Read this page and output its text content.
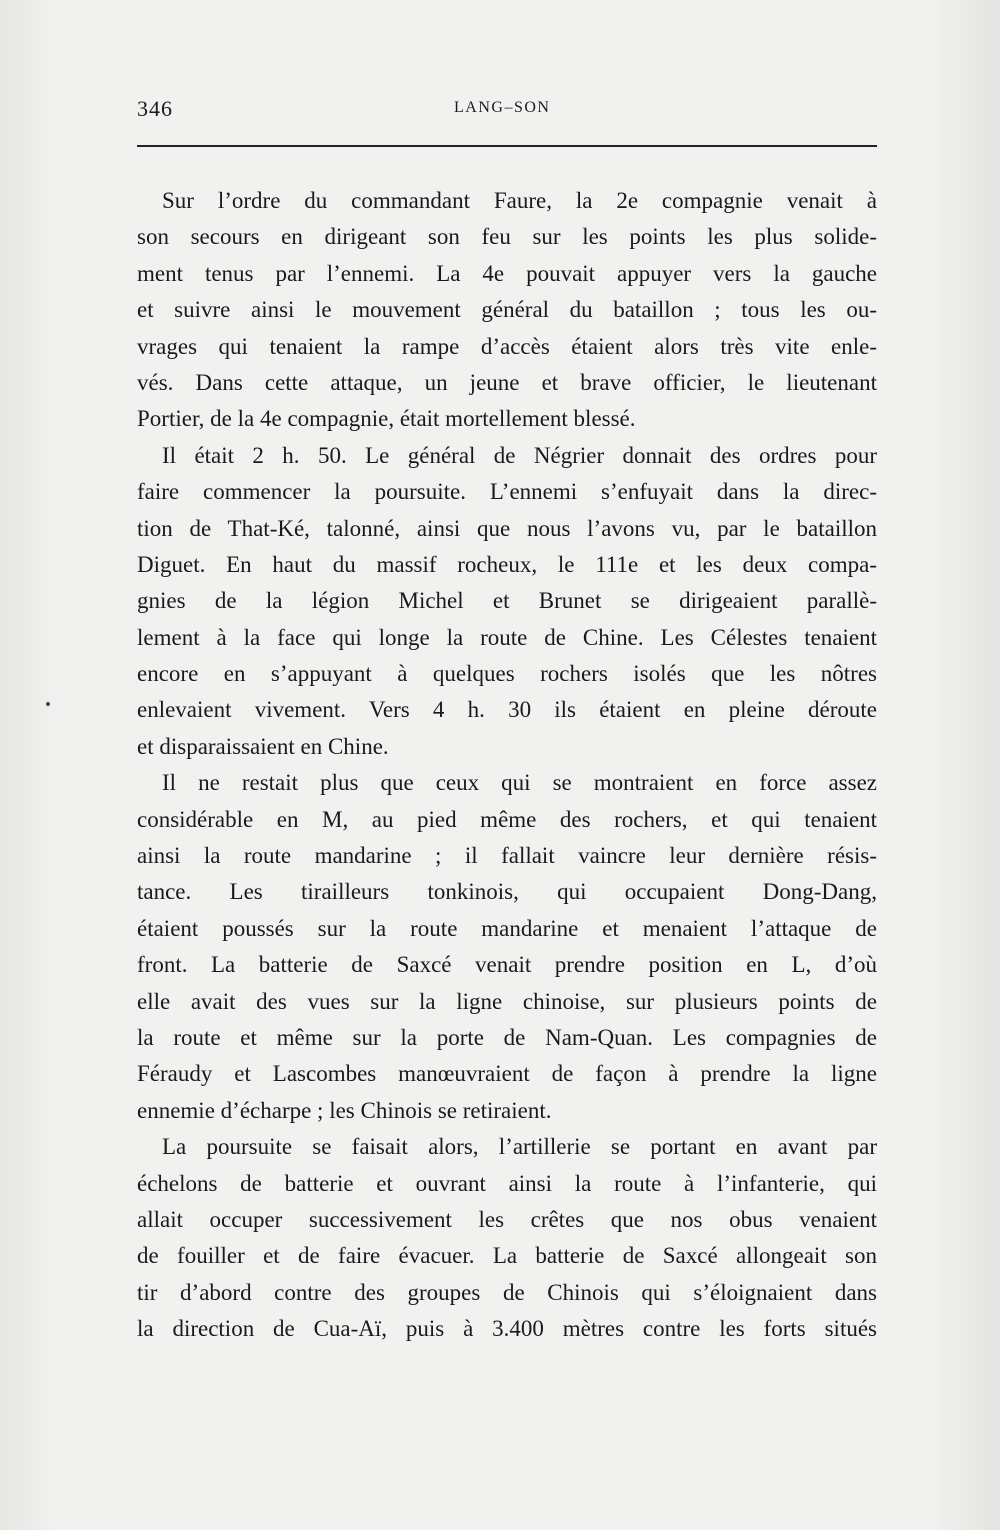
346	LANG–SON
Sur l’ordre du commandant Faure, la 2e compagnie venait à
son secours en dirigeant son feu sur les points les plus solide-
ment tenus par l’ennemi. La 4e pouvait appuyer vers la gauche
et suivre ainsi le mouvement général du bataillon ; tous les ou-
vrages qui tenaient la rampe d’accès étaient alors très vite enle-
vés. Dans cette attaque, un jeune et brave officier, le lieutenant
Portier, de la 4e compagnie, était mortellement blessé.
Il était 2 h. 50. Le général de Négrier donnait des ordres pour
faire commencer la poursuite. L’ennemi s’enfuyait dans la direc-
tion de That-Ké, talonné, ainsi que nous l’avons vu, par le bataillon
Diguet. En haut du massif rocheux, le 111e et les deux compa-
gnies de la légion Michel et Brunet se dirigeaient parallè-
lement à la face qui longe la route de Chine. Les Célestes tenaient
encore en s’appuyant à quelques rochers isolés que les nôtres
enlevaient vivement. Vers 4 h. 30 ils étaient en pleine déroute
et disparaissaient en Chine.
Il ne restait plus que ceux qui se montraient en force assez
considérable en M, au pied même des rochers, et qui tenaient
ainsi la route mandarine ; il fallait vaincre leur dernière résis-
tance. Les tirailleurs tonkinois, qui occupaient Dong-Dang,
étaient poussés sur la route mandarine et menaient l’attaque de
front. La batterie de Saxcé venait prendre position en L, d’où
elle avait des vues sur la ligne chinoise, sur plusieurs points de
la route et même sur la porte de Nam-Quan. Les compagnies de
Féraudy et Lascombes manœuvraient de façon à prendre la ligne
ennemie d’écharpe ; les Chinois se retiraient.
La poursuite se faisait alors, l’artillerie se portant en avant par
échelons de batterie et ouvrant ainsi la route à l’infanterie, qui
allait occuper successivement les crêtes que nos obus venaient
de fouiller et de faire évacuer. La batterie de Saxcé allongeait son
tir d’abord contre des groupes de Chinois qui s’éloignaient dans
la direction de Cua-Aï, puis à 3.400 mètres contre les forts situés
